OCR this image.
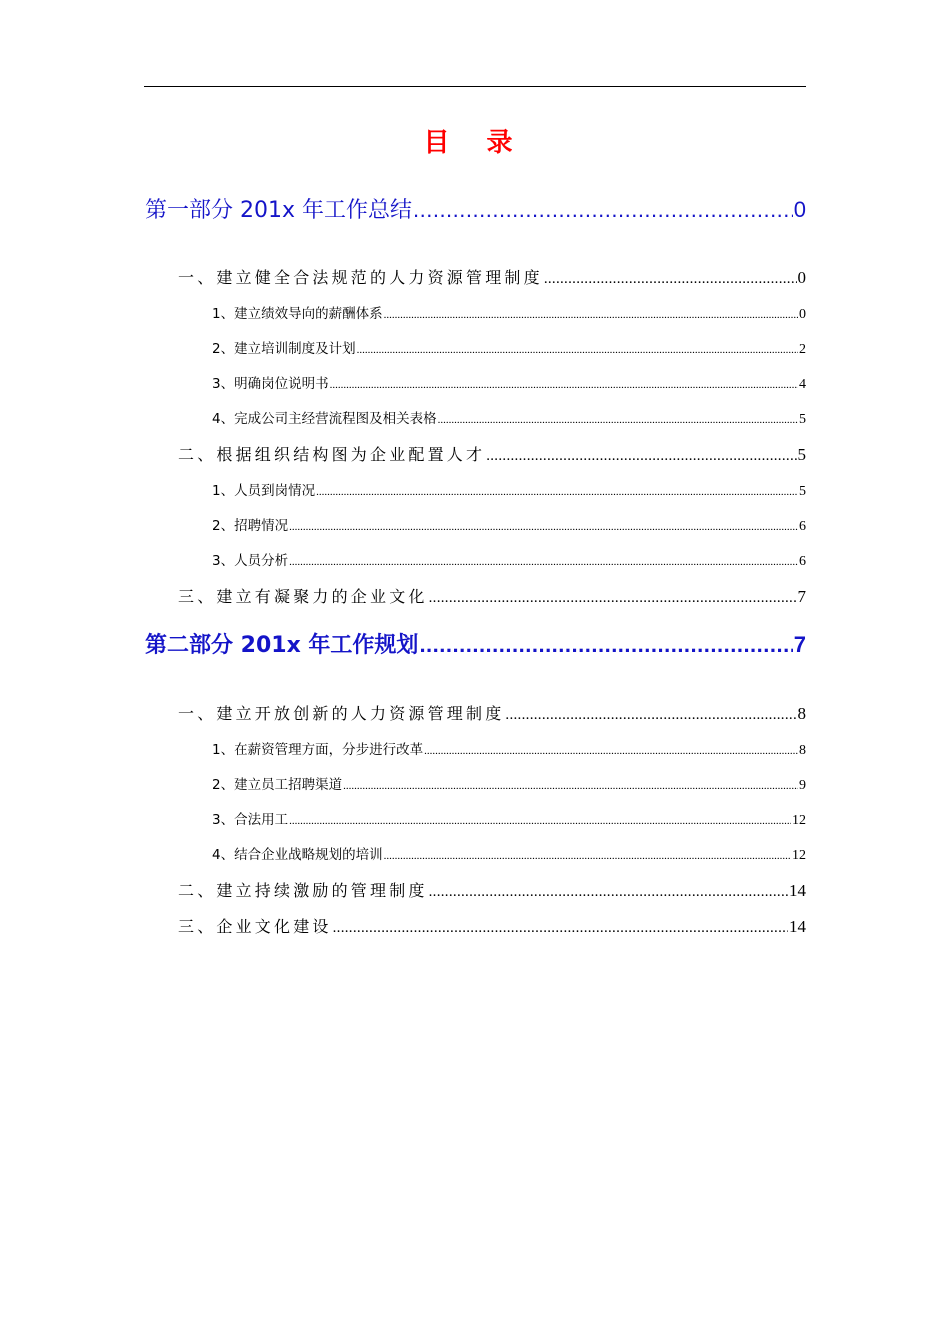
目 录
第一部分 201x 年工作总结 .....	0
一、建立健全合法规范的人力资源管理制度 .....	0
1、建立绩效导向的薪酬体系 .....	0
2、建立培训制度及计划 .....	2
3、明确岗位说明书 .....	4
4、完成公司主经营流程图及相关表格 .....	5
二、根据组织结构图为企业配置人才 .....	5
1、人员到岗情况 .....	5
2、招聘情况 .....	6
3、人员分析 .....	6
三、建立有凝聚力的企业文化 .....	7
第二部分 201x 年工作规划 .....	7
一、建立开放创新的人力资源管理制度 .....	8
1、在薪资管理方面，分步进行改革 .....	8
2、建立员工招聘渠道 .....	9
3、合法用工 .....	12
4、结合企业战略规划的培训 .....	12
二、建立持续激励的管理制度 .....	14
三、企业文化建设 .....	14
